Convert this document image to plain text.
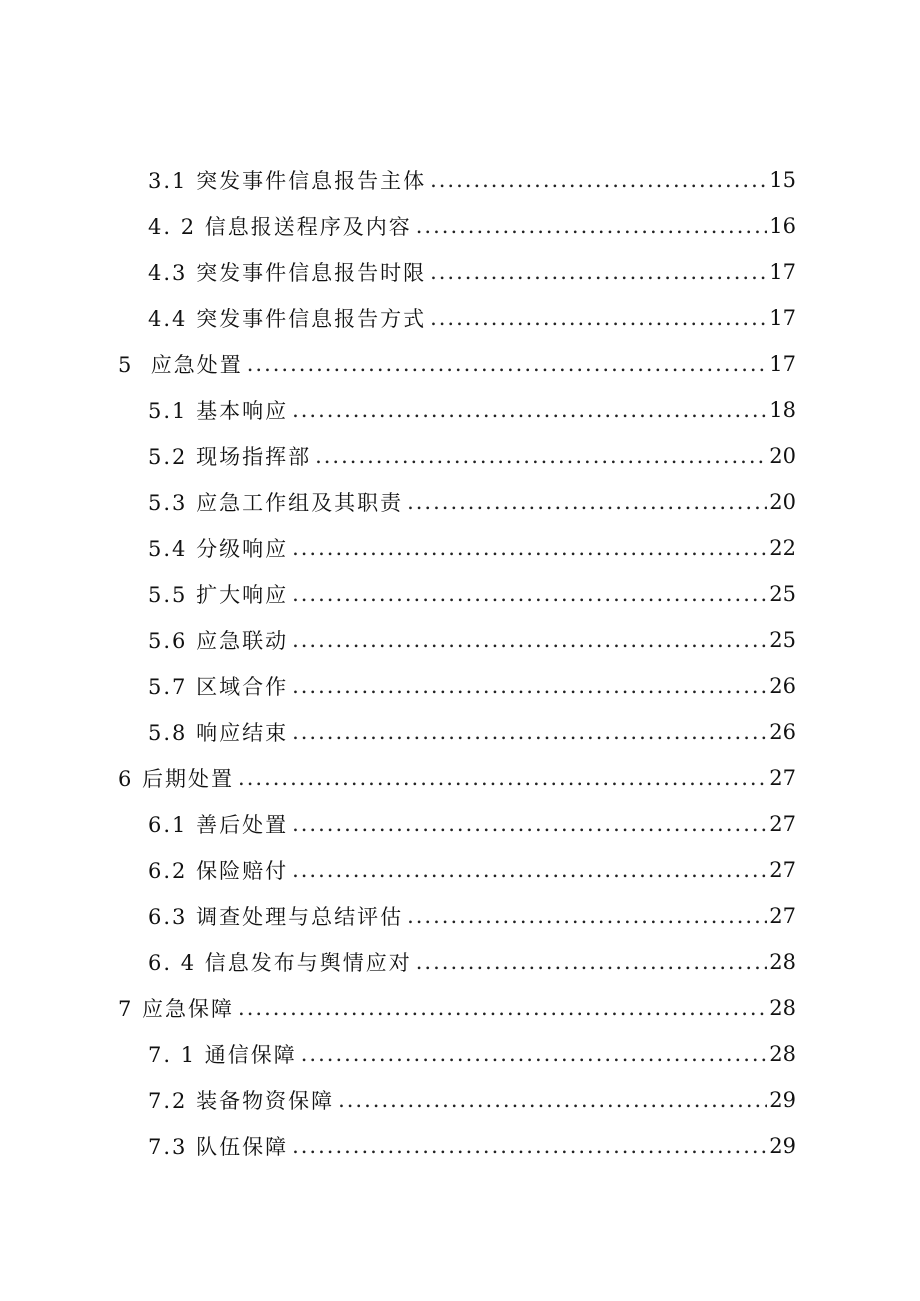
3.1 突发事件信息报告主体 .....	15
4. 2 信息报送程序及内容 .....	16
4.3 突发事件信息报告时限 .....	17
4.4 突发事件信息报告方式 .....	17
5  应急处置 .....	17
5.1 基本响应 .....	18
5.2 现场指挥部 .....	20
5.3 应急工作组及其职责 .....	20
5.4 分级响应 .....	22
5.5 扩大响应 .....	25
5.6 应急联动 .....	25
5.7 区域合作 .....	26
5.8 响应结束 .....	26
6 后期处置 .....	27
6.1 善后处置 .....	27
6.2 保险赔付 .....	27
6.3 调查处理与总结评估 .....	27
6. 4 信息发布与舆情应对 .....	28
7 应急保障 .....	28
7. 1 通信保障 .....	28
7.2 装备物资保障 .....	29
7.3 队伍保障 .....	29
